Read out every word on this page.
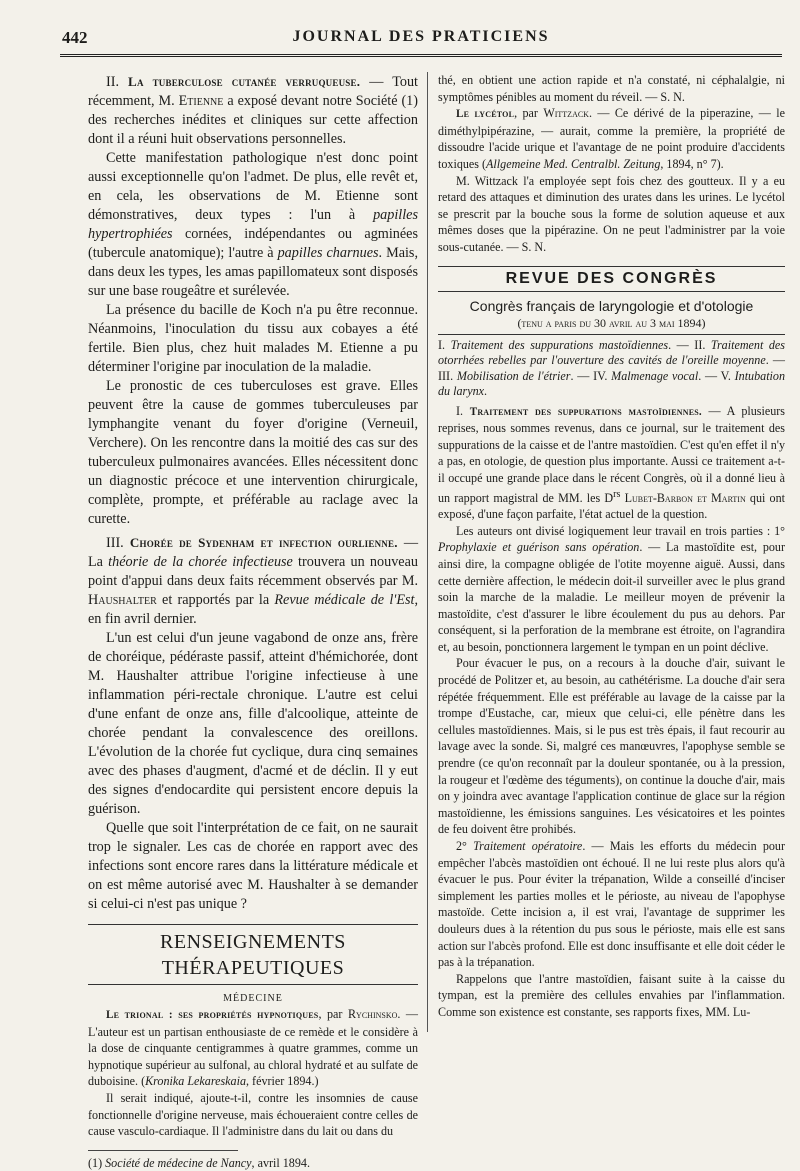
442	JOURNAL DES PRATICIENS

II. La tuberculose cutanée verruqueuse. — Tout récemment, M. Etienne a exposé devant notre Société (1) des recherches inédites et cliniques sur cette affection dont il a réuni huit observations personnelles.

Cette manifestation pathologique n'est donc point aussi exceptionnelle qu'on l'admet. De plus, elle revêt et, en cela, les observations de M. Etienne sont démonstratives, deux types : l'un à papilles hypertrophiées cornées, indépendantes ou agminées (tubercule anatomique); l'autre à papilles charnues. Mais, dans deux les types, les amas papillomateux sont disposés sur une base rougeâtre et surélevée.

La présence du bacille de Koch n'a pu être reconnue. Néanmoins, l'inoculation du tissu aux cobayes a été fertile. Bien plus, chez huit malades M. Etienne a pu déterminer l'origine par inoculation de la maladie.

Le pronostic de ces tuberculoses est grave. Elles peuvent être la cause de gommes tuberculeuses par lymphangite venant du foyer d'origine (Verneuil, Verchere). On les rencontre dans la moitié des cas sur des tuberculeux pulmonaires avancées. Elles nécessitent donc un diagnostic précoce et une intervention chirurgicale, complète, prompte, et préférable au raclage avec la curette.

III. Chorée de Sydenham et infection ourlienne. — La théorie de la chorée infectieuse trouvera un nouveau point d'appui dans deux faits récemment observés par M. Haushalter et rapportés par la Revue médicale de l'Est, en fin avril dernier.

L'un est celui d'un jeune vagabond de onze ans, frère de choréique, pédéraste passif, atteint d'hémichorée, dont M. Haushalter attribue l'origine infectieuse à une inflammation péri-rectale chronique. L'autre est celui d'une enfant de onze ans, fille d'alcoolique, atteinte de chorée pendant la convalescence des oreillons. L'évolution de la chorée fut cyclique, dura cinq semaines avec des phases d'augment, d'acmé et de déclin. Il y eut des signes d'endocardite qui persistent encore depuis la guérison.

Quelle que soit l'interprétation de ce fait, on ne saurait trop le signaler. Les cas de chorée en rapport avec des infections sont encore rares dans la littérature médicale et on est même autorisé avec M. Haushalter à se demander si celui-ci n'est pas unique ?

RENSEIGNEMENTS THÉRAPEUTIQUES
MÉDECINE

Le trional : ses propriétés hypnotiques, par Rychinsko. — L'auteur est un partisan enthousiaste de ce remède et le considère à la dose de cinquante centigrammes à quatre grammes, comme un hypnotique supérieur au sulfonal, au chloral hydraté et au sulfate de duboisine. (Kronika Lekareskaia, février 1894.)

Il serait indiqué, ajoute-t-il, contre les insomnies de cause fonctionnelle d'origine nerveuse, mais échoueraient contre celles de cause vasculo-cardiaque. Il l'administre dans du lait ou dans du

(1) Société de médecine de Nancy, avril 1894.

thé, en obtient une action rapide et n'a constaté, ni céphalalgie, ni symptômes pénibles au moment du réveil. — S. N.

Le lycétol, par Wittzack. — Ce dérivé de la piperazine, — le diméthylpipérazine, — aurait, comme la première, la propriété de dissoudre l'acide urique et l'avantage de ne point produire d'accidents toxiques (Allgemeine Med. Centralbl. Zeitung, 1894, n° 7).

M. Wittzack l'a employée sept fois chez des goutteux. Il y a eu retard des attaques et diminution des urates dans les urines. Le lycétol se prescrit par la bouche sous la forme de solution aqueuse et aux mêmes doses que la pipérazine. On ne peut l'administrer par la voie sous-cutanée. — S. N.

REVUE DES CONGRÈS
Congrès français de laryngologie et d'otologie
(tenu a paris du 30 avril au 3 mai 1894)

I. Traitement des suppurations mastoïdiennes. — II. Traitement des otorrhées rebelles par l'ouverture des cavités de l'oreille moyenne. — III. Mobilisation de l'étrier. — IV. Malmenage vocal. — V. Intubation du larynx.

I. Traitement des suppurations mastoïdiennes. — A plusieurs reprises, nous sommes revenus, dans ce journal, sur le traitement des suppurations de la caisse et de l'antre mastoïdien. C'est qu'en effet il n'y a pas, en otologie, de question plus importante. Aussi ce traitement a-t-il occupé une grande place dans le récent Congrès, où il a donné lieu à un rapport magistral de MM. les $D^{rs}$ Lubet-Barbon et Martin qui ont exposé, d'une façon parfaite, l'état actuel de la question.

Les auteurs ont divisé logiquement leur travail en trois parties : 1° Prophylaxie et guérison sans opération. — La mastoïdite est, pour ainsi dire, la compagne obligée de l'otite moyenne aiguë. Aussi, dans cette dernière affection, le médecin doit-il surveiller avec le plus grand soin la marche de la maladie. Le meilleur moyen de prévenir la mastoïdite, c'est d'assurer le libre écoulement du pus au dehors. Par conséquent, si la perforation de la membrane est étroite, on l'agrandira et, au besoin, ponctionnera largement le tympan en un point déclive.

Pour évacuer le pus, on a recours à la douche d'air, suivant le procédé de Politzer et, au besoin, au cathétérisme. La douche d'air sera répétée fréquemment. Elle est préférable au lavage de la caisse par la trompe d'Eustache, car, mieux que celui-ci, elle pénètre dans les cellules mastoïdiennes. Mais, si le pus est très épais, il faut recourir au lavage avec la sonde. Si, malgré ces manœuvres, l'apophyse semble se prendre (ce qu'on reconnaît par la douleur spontanée, ou à la pression, la rougeur et l'œdème des téguments), on continue la douche d'air, mais on y joindra avec avantage l'application continue de glace sur la région mastoïdienne, les émissions sanguines. Les vésicatoires et les pointes de feu doivent être prohibés.

2° Traitement opératoire. — Mais les efforts du médecin pour empêcher l'abcès mastoïdien ont échoué. Il ne lui reste plus alors qu'à évacuer le pus. Pour éviter la trépanation, Wilde a conseillé d'inciser simplement les parties molles et le périoste, au niveau de l'apophyse mastoïde. Cette incision a, il est vrai, l'avantage de supprimer les douleurs dues à la rétention du pus sous le périoste, mais elle est sans action sur l'abcès profond. Elle est donc insuffisante et elle doit céder le pas à la trépanation.

Rappelons que l'antre mastoïdien, faisant suite à la caisse du tympan, est la première des cellules envahies par l'inflammation. Comme son existence est constante, ses rapports fixes, MM. Lu-
